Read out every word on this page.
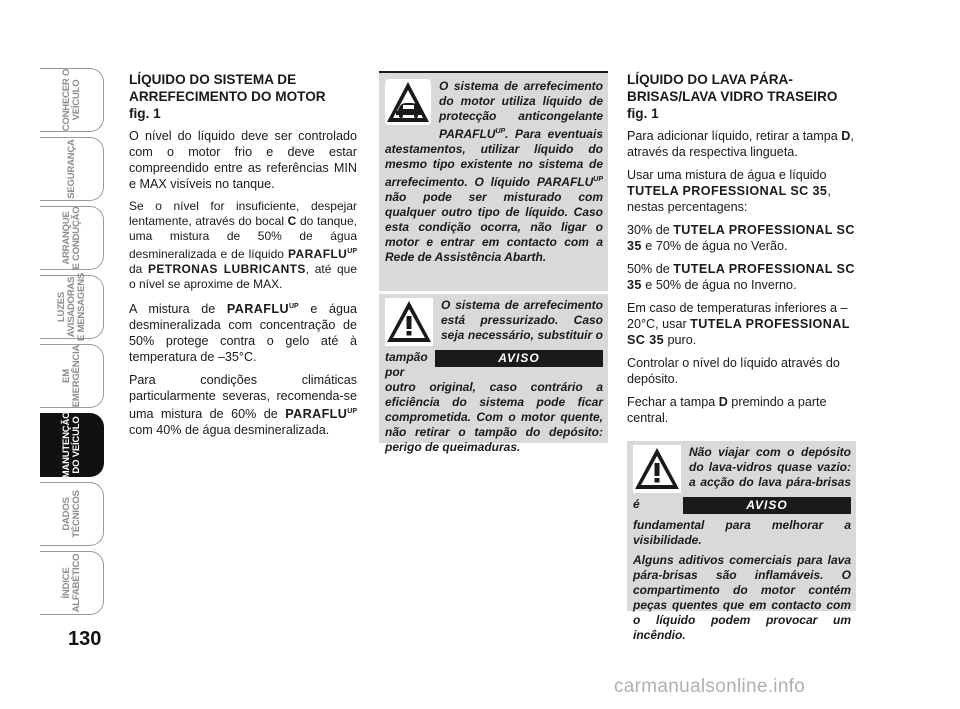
CONHECER O
VEÍCULO
SEGURANÇA
ARRANQUE
E CONDUÇÃO
LUZES
AVISADORAS
E MENSAGENS
EM
EMERGÊNCIA
MANUTENÇÃO
DO VEÍCULO
DADOS
TÉCNICOS
ÍNDICE
ALFABÉTICO
130
LÍQUIDO DO SISTEMA DE ARREFECIMENTO DO MOTOR
fig. 1

O nível do líquido deve ser controlado com o motor frio e deve estar compreendido entre as referências MIN e MAX visíveis no tanque.

Se o nível for insuficiente, despejar lentamente, através do bocal C do tanque, uma mistura de 50% de água desmineralizada e de líquido $PARAFLU^{UP}$ da PETRONAS LUBRICANTS, até que o nível se aproxime de MAX.

A mistura de $PARAFLU^{UP}$ e água desmineralizada com concentração de 50% protege contra o gelo até à temperatura de –35°C.

Para condições climáticas particularmente severas, recomenda-se uma mistura de 60% de $PARAFLU^{UP}$ com 40% de água desmineralizada.

O sistema de arrefecimento do motor utiliza líquido de protecção anticongelante $PARAFLU^{UP}$. Para eventuais atestamentos, utilizar líquido do mesmo tipo existente no sistema de arrefecimento. O líquido $PARAFLU^{UP}$ não pode ser misturado com qualquer outro tipo de líquido. Caso esta condição ocorra, não ligar o motor e entrar em contacto com a Rede de Assistência Abarth.

AVISO

O sistema de arrefecimento está pressurizado. Caso seja necessário, substituir o tampão por outro original, caso contrário a eficiência do sistema pode ficar comprometida. Com o motor quente, não retirar o tampão do depósito: perigo de queimaduras.

LÍQUIDO DO LAVA PÁRA-BRISAS/LAVA VIDRO TRASEIRO fig. 1

Para adicionar líquido, retirar a tampa D, através da respectiva lingueta.

Usar uma mistura de água e líquido TUTELA PROFESSIONAL SC 35, nestas percentagens:

30% de TUTELA PROFESSIONAL SC 35 e 70% de água no Verão.

50% de TUTELA PROFESSIONAL SC 35 e 50% de água no Inverno.

Em caso de temperaturas inferiores a –20°C, usar TUTELA PROFESSIONAL SC 35 puro.

Controlar o nível do líquido através do depósito.

Fechar a tampa D premindo a parte central.

AVISO

Não viajar com o depósito do lava-vidros quase vazio: a acção do lava pára-brisas é fundamental para melhorar a visibilidade.

Alguns aditivos comerciais para lava pára-brisas são inflamáveis. O compartimento do motor contém peças quentes que em contacto com o líquido podem provocar um incêndio.

carmanualsonline.info
